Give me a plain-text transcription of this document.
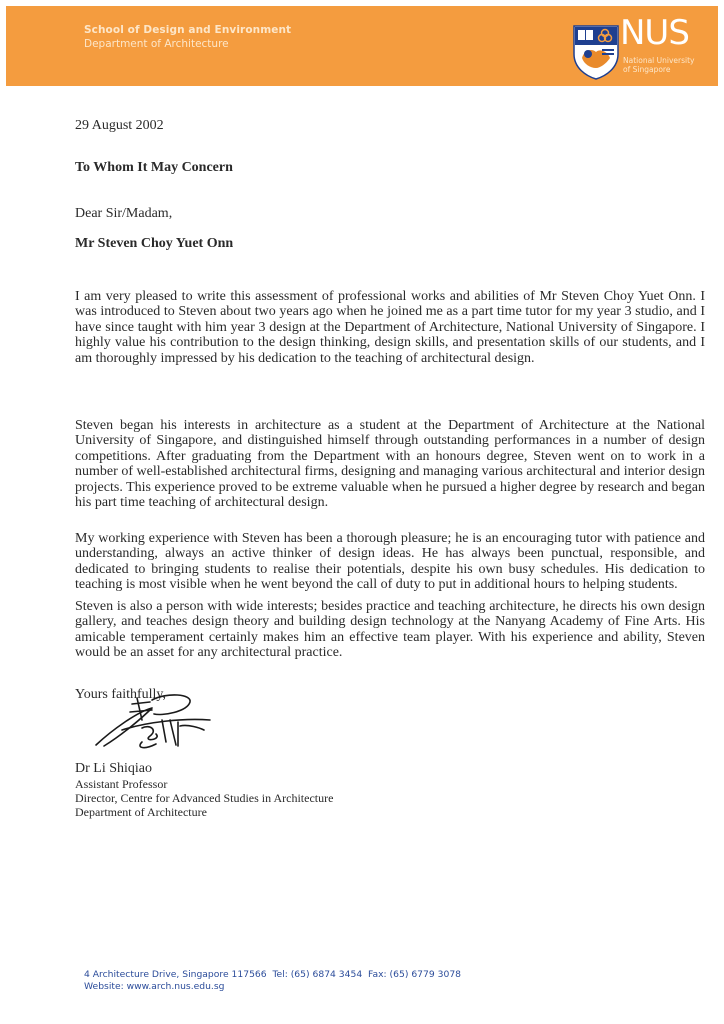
School of Design and Environment
Department of Architecture	NUS
National University
of Singapore
29 August 2002
To Whom It May Concern
Dear Sir/Madam,
Mr Steven Choy Yuet Onn

I am very pleased to write this assessment of professional works and abilities of Mr Steven Choy Yuet Onn. I was introduced to Steven about two years ago when he joined me as a part time tutor for my year 3 studio, and I have since taught with him year 3 design at the Department of Architecture, National University of Singapore. I highly value his contribution to the design thinking, design skills, and presentation skills of our students, and I am thoroughly impressed by his dedication to the teaching of architectural design.

Steven began his interests in architecture as a student at the Department of Architecture at the National University of Singapore, and distinguished himself through outstanding performances in a number of design competitions. After graduating from the Department with an honours degree, Steven went on to work in a number of well-established architectural firms, designing and managing various architectural and interior design projects. This experience proved to be extreme valuable when he pursued a higher degree by research and began his part time teaching of architectural design.

My working experience with Steven has been a thorough pleasure; he is an encouraging tutor with patience and understanding, always an active thinker of design ideas. He has always been punctual, responsible, and dedicated to bringing students to realise their potentials, despite his own busy schedules. His dedication to teaching is most visible when he went beyond the call of duty to put in additional hours to helping students.

Steven is also a person with wide interests; besides practice and teaching architecture, he directs his own design gallery, and teaches design theory and building design technology at the Nanyang Academy of Fine Arts. His amicable temperament certainly makes him an effective team player. With his experience and ability, Steven would be an asset for any architectural practice.

Yours faithfully,
Dr Li Shiqiao
Assistant Professor
Director, Centre for Advanced Studies in Architecture
Department of Architecture
4 Architecture Drive, Singapore 117566  Tel: (65) 6874 3454  Fax: (65) 6779 3078
Website: www.arch.nus.edu.sg
